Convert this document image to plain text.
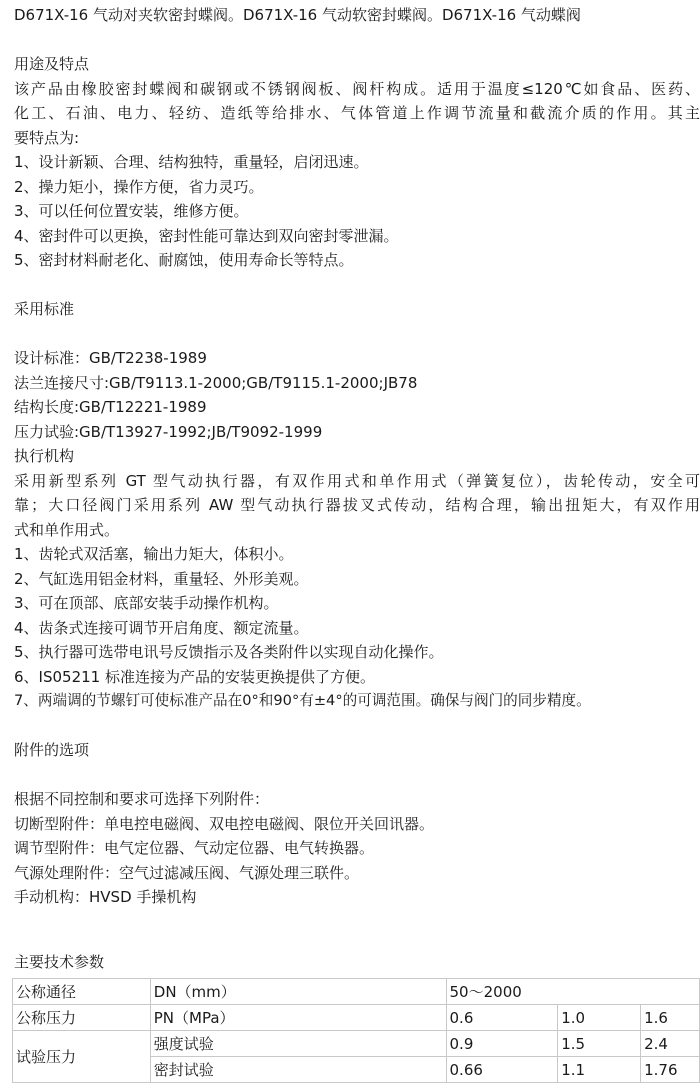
D671X-16 气动对夹软密封蝶阀。D671X-16 气动软密封蝶阀。D671X-16 气动蝶阀
用途及特点
该产品由橡胶密封蝶阀和碳钢或不锈钢阀板、阀杆构成。适用于温度≤120℃如食品、医药、
化工、石油、电力、轻纺、造纸等给排水、气体管道上作调节流量和截流介质的作用。其主
要特点为:
1、设计新颖、合理、结构独特，重量轻，启闭迅速。
2、操力矩小，操作方便，省力灵巧。
3、可以任何位置安装，维修方便。
4、密封件可以更换，密封性能可靠达到双向密封零泄漏。
5、密封材料耐老化、耐腐蚀，使用寿命长等特点。
采用标准
设计标准：GB/T2238-1989
法兰连接尺寸:GB/T9113.1-2000;GB/T9115.1-2000;JB78
结构长度:GB/T12221-1989
压力试验:GB/T13927-1992;JB/T9092-1999
执行机构
采用新型系列 GT 型气动执行器，有双作用式和单作用式（弹簧复位），齿轮传动，安全可
靠；大口径阀门采用系列 AW 型气动执行器拔叉式传动，结构合理，输出扭矩大，有双作用
式和单作用式。
1、齿轮式双活塞，输出力矩大，体积小。
2、气缸选用铝金材料，重量轻、外形美观。
3、可在顶部、底部安装手动操作机构。
4、齿条式连接可调节开启角度、额定流量。
5、执行器可选带电讯号反馈指示及各类附件以实现自动化操作。
6、IS05211 标准连接为产品的安装更换提供了方便。
7、两端调的节螺钉可使标准产品在0°和90°有±4°的可调范围。确保与阀门的同步精度。
附件的选项
根据不同控制和要求可选择下列附件：
切断型附件：单电控电磁阀、双电控电磁阀、限位开关回讯器。
调节型附件：电气定位器、气动定位器、电气转换器。
气源处理附件：空气过滤减压阀、气源处理三联件。
手动机构：HVSD 手操机构
主要技术参数
公称通径	DN（mm）	50～2000		
公称压力	PN（MPa）	0.6	1.0	1.6
试验压力	强度试验	0.9	1.5	2.4
	密封试验	0.66	1.1	1.76
